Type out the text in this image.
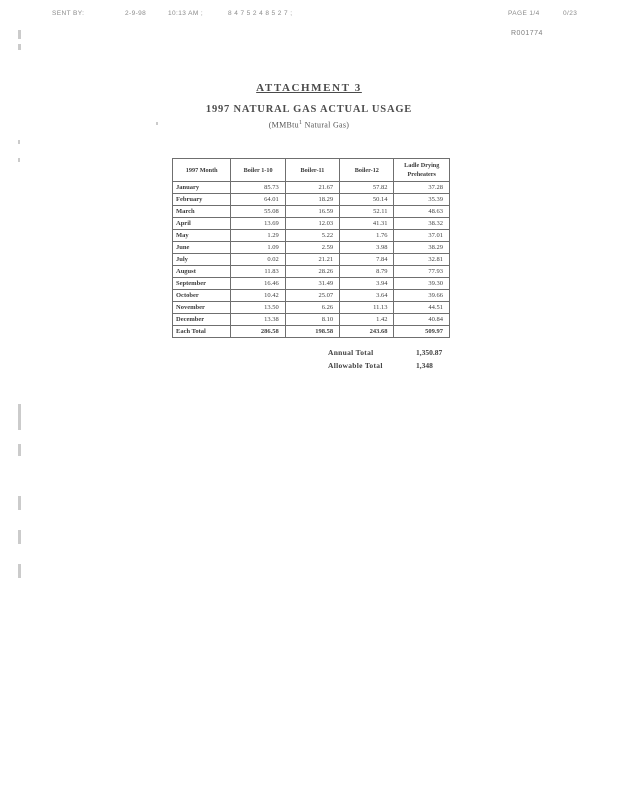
SENT BY:	2-9-98	10:13 AM ;	8 4 7 5 2 4 8 5 2 7 ;	PAGE 1/4	0/23
R001774
ATTACHMENT 3
1997 NATURAL GAS ACTUAL USAGE
(MMBtu$^1$ Natural Gas)
1997 Month	Boiler 1-10	Boiler-11	Boiler-12	Ladle Drying Preheaters
January	85.73	21.67	57.82	37.28
February	64.01	18.29	50.14	35.39
March	55.08	16.59	52.11	48.63
April	13.69	12.03	41.31	38.32
May	1.29	5.22	1.76	37.01
June	1.09	2.59	3.98	38.29
July	0.02	21.21	7.84	32.81
August	11.83	28.26	8.79	77.93
September	16.46	31.49	3.94	39.30
October	10.42	25.07	3.64	39.66
November	13.50	6.26	11.13	44.51
December	13.38	8.10	1.42	40.84
Each Total	286.58	198.58	243.68	509.97
Annual Total	1,350.87
Allowable Total	1,348
